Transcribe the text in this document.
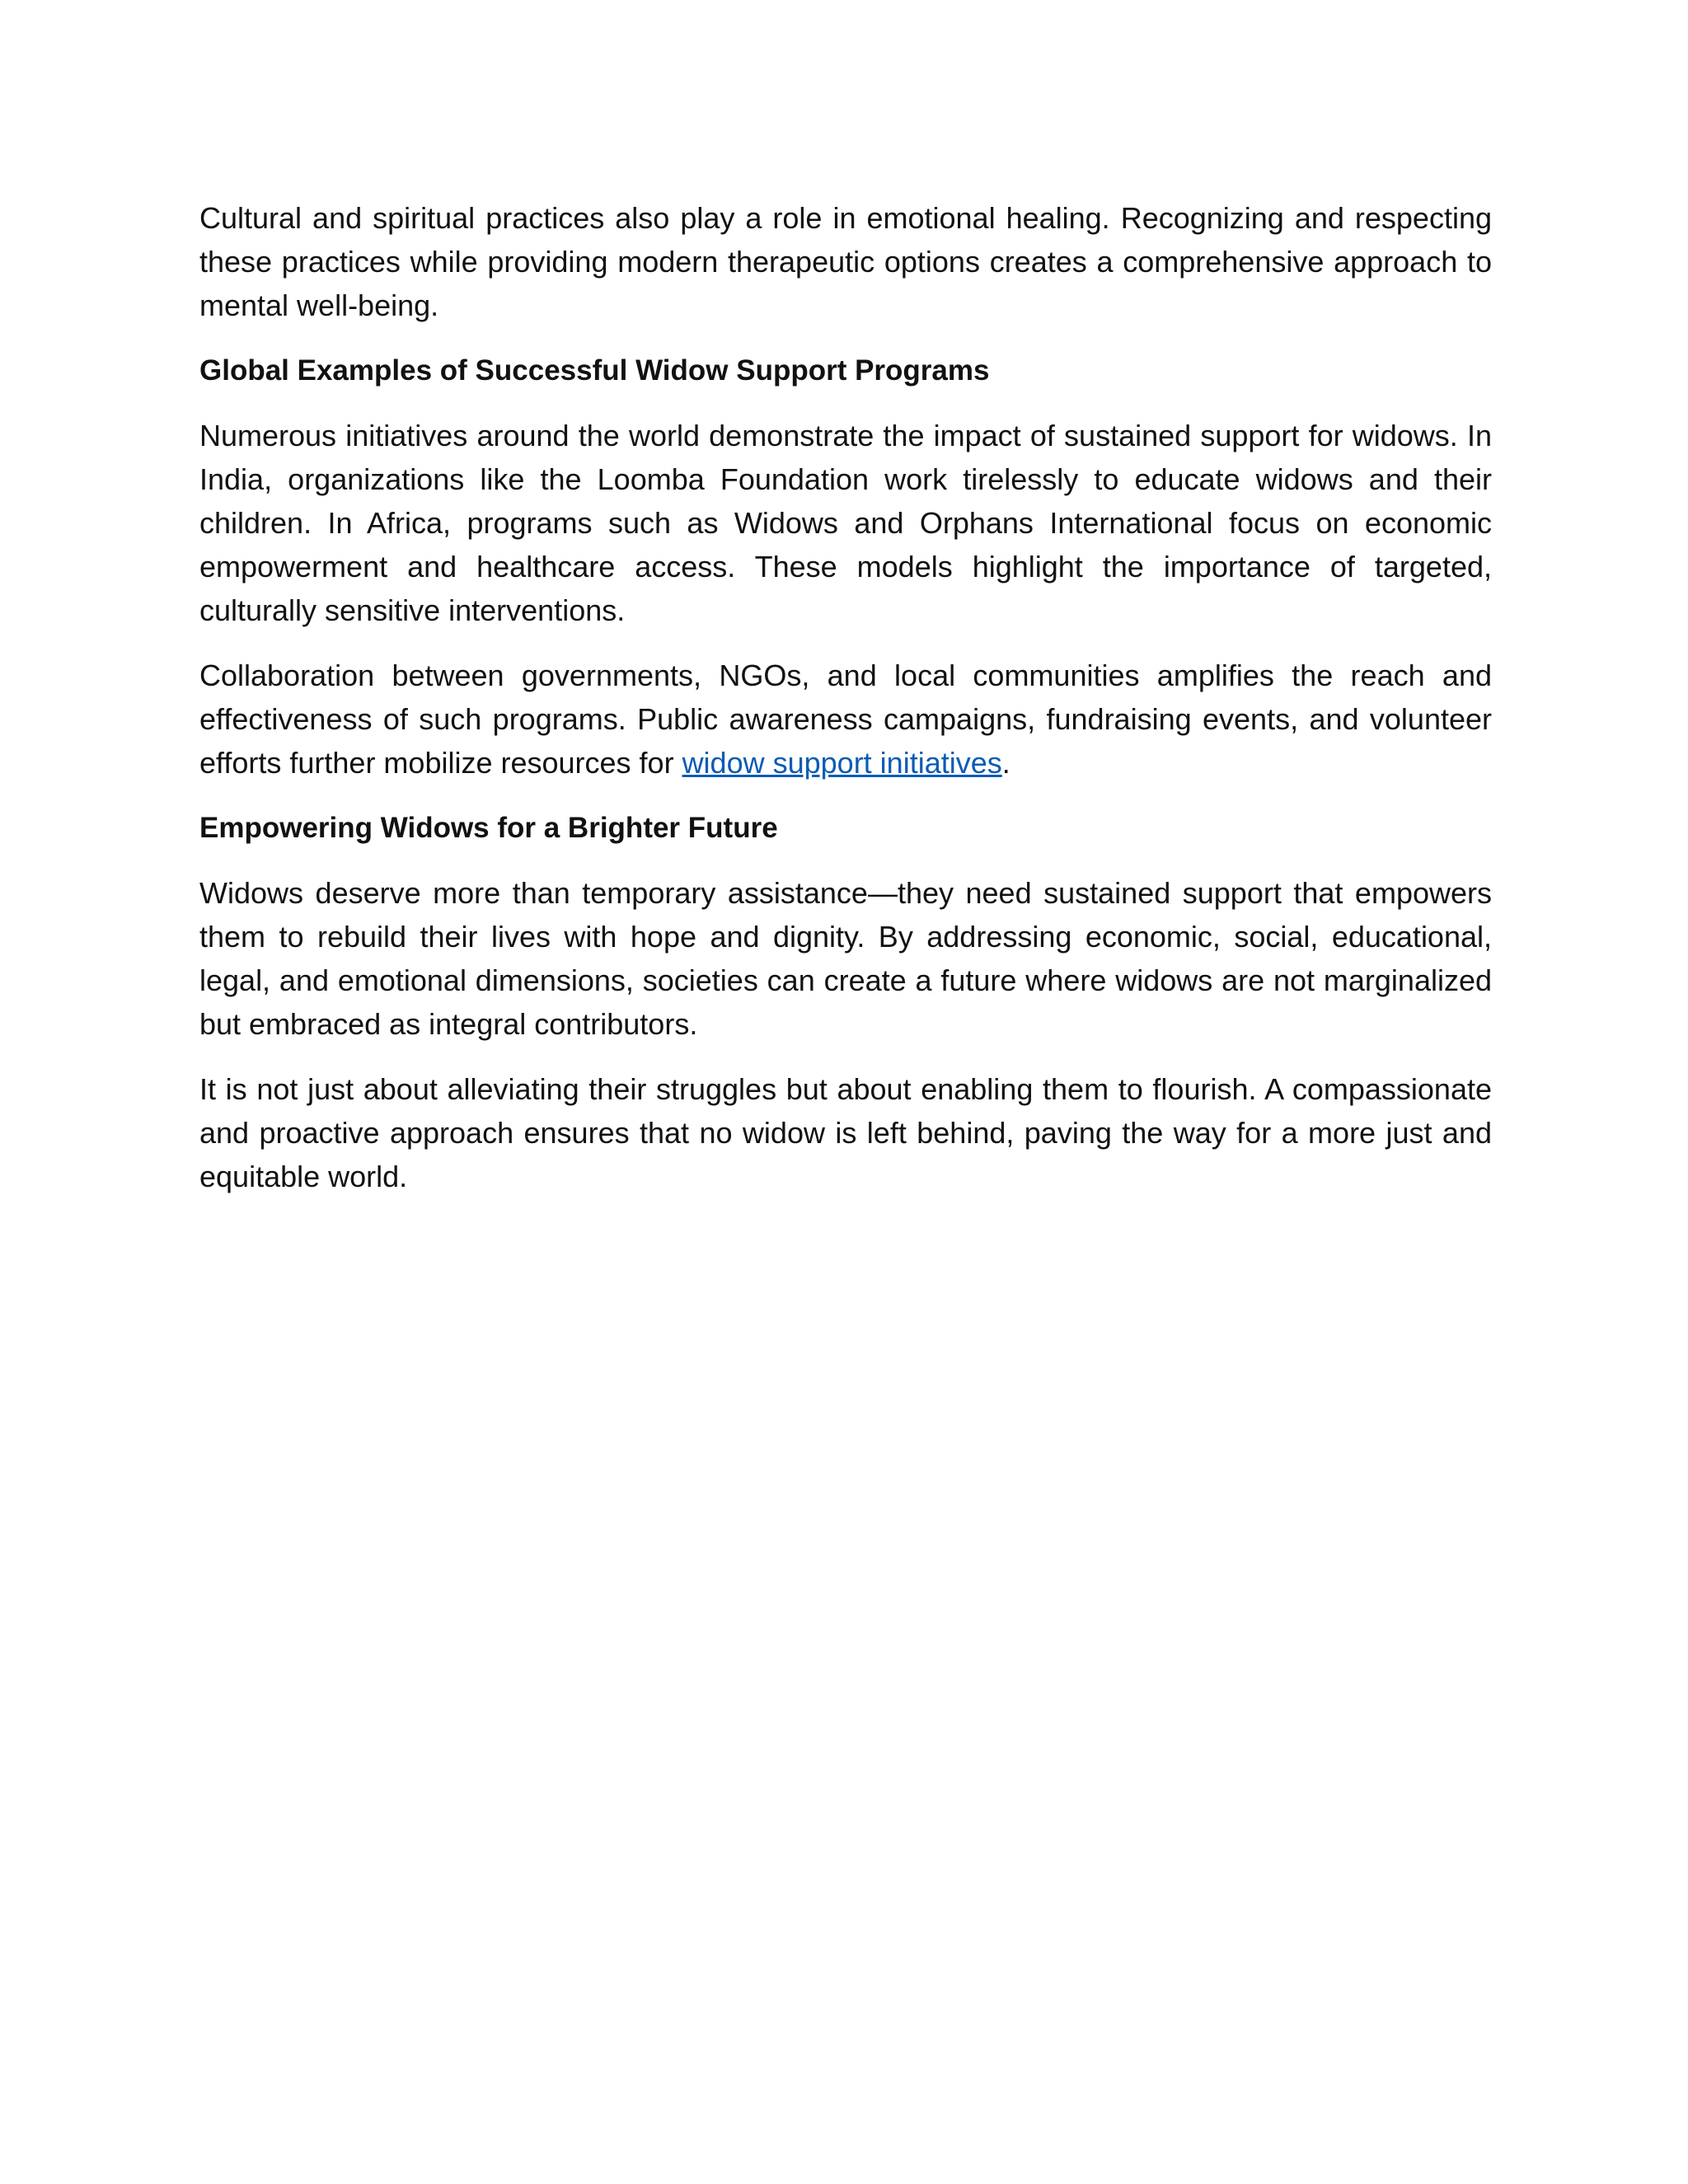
Cultural and spiritual practices also play a role in emotional healing. Recognizing and respecting these practices while providing modern therapeutic options creates a comprehensive approach to mental well-being.

Global Examples of Successful Widow Support Programs

Numerous initiatives around the world demonstrate the impact of sustained support for widows. In India, organizations like the Loomba Foundation work tirelessly to educate widows and their children. In Africa, programs such as Widows and Orphans International focus on economic empowerment and healthcare access. These models highlight the importance of targeted, culturally sensitive interventions.

Collaboration between governments, NGOs, and local communities amplifies the reach and effectiveness of such programs. Public awareness campaigns, fundraising events, and volunteer efforts further mobilize resources for widow support initiatives.

Empowering Widows for a Brighter Future

Widows deserve more than temporary assistance—they need sustained support that empowers them to rebuild their lives with hope and dignity. By addressing economic, social, educational, legal, and emotional dimensions, societies can create a future where widows are not marginalized but embraced as integral contributors.

It is not just about alleviating their struggles but about enabling them to flourish. A compassionate and proactive approach ensures that no widow is left behind, paving the way for a more just and equitable world.
